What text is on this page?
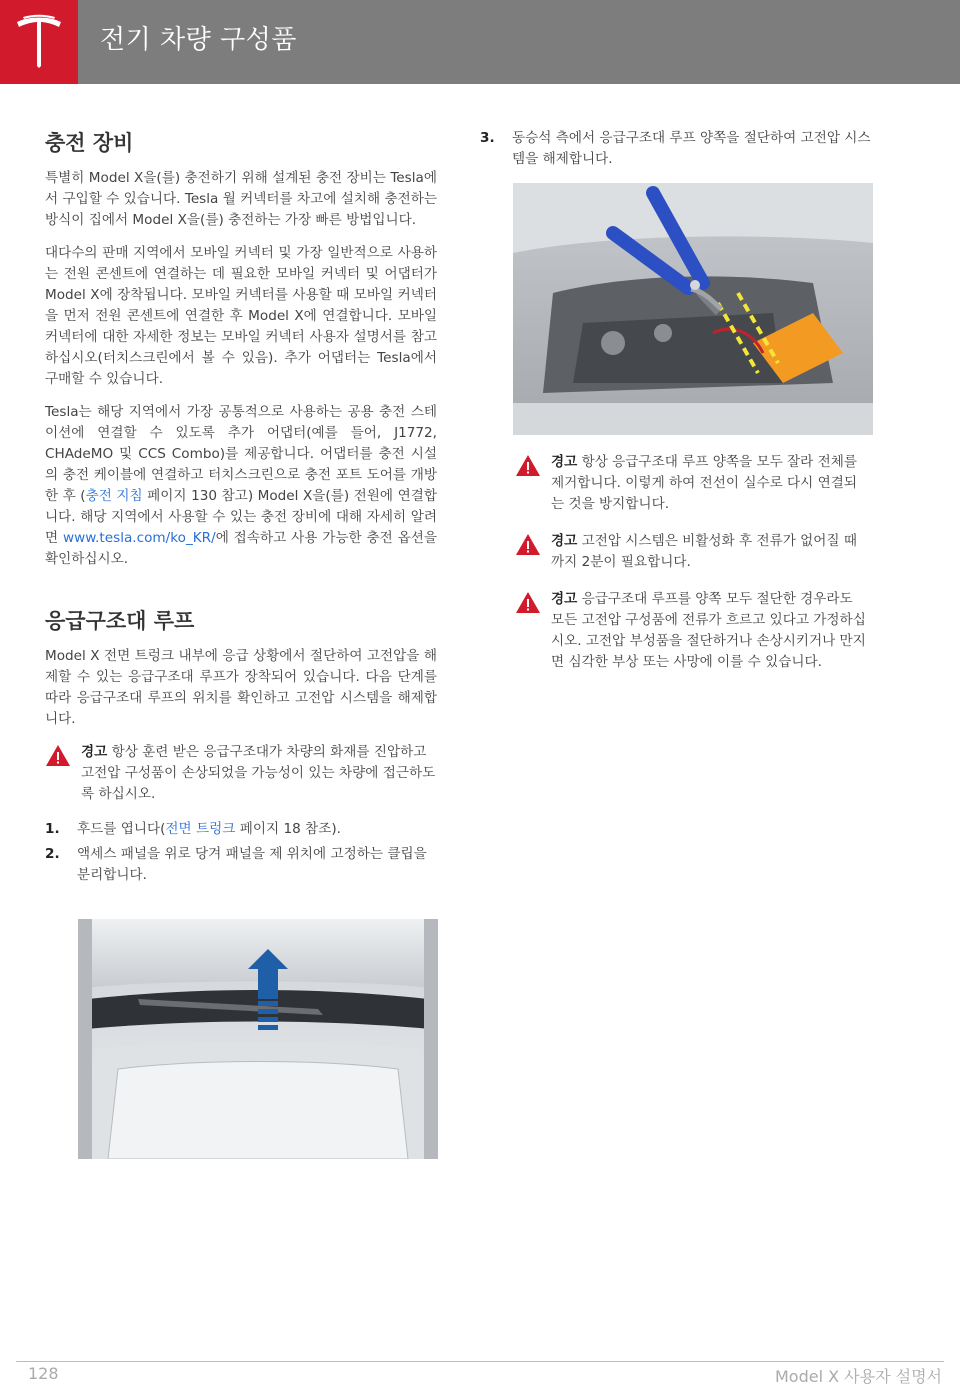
전기 차량 구성품
충전 장비

특별히 Model X을(를) 충전하기 위해 설계된 충전 장비는 Tesla에서 구입할 수 있습니다. Tesla 월 커넥터를 차고에 설치해 충전하는 방식이 집에서 Model X을(를) 충전하는 가장 빠른 방법입니다.

대다수의 판매 지역에서 모바일 커넥터 및 가장 일반적으로 사용하는 전원 콘센트에 연결하는 데 필요한 모바일 커넥터 및 어댑터가 Model X에 장착됩니다. 모바일 커넥터를 사용할 때 모바일 커넥터을 먼저 전원 콘센트에 연결한 후 Model X에 연결합니다. 모바일 커넥터에 대한 자세한 정보는 모바일 커넥터 사용자 설명서를 참고하십시오(터치스크린에서 볼 수 있음). 추가 어댑터는 Tesla에서 구매할 수 있습니다.

Tesla는 해당 지역에서 가장 공통적으로 사용하는 공용 충전 스테이션에 연결할 수 있도록 추가 어댑터(예를 들어, J1772, CHAdeMO 및 CCS Combo)를 제공합니다. 어댑터를 충전 시설의 충전 케이블에 연결하고 터치스크린으로 충전 포트 도어를 개방한 후 (충전 지침 페이지 130 참고) Model X을(를) 전원에 연결합니다. 해당 지역에서 사용할 수 있는 충전 장비에 대해 자세히 알려면 www.tesla.com/ko_KR/에 접속하고 사용 가능한 충전 옵션을 확인하십시오.

응급구조대 루프

Model X 전면 트렁크 내부에 응급 상황에서 절단하여 고전압을 해제할 수 있는 응급구조대 루프가 장착되어 있습니다. 다음 단계를 따라 응급구조대 루프의 위치를 확인하고 고전압 시스템을 해제합니다.

경고 항상 훈련 받은 응급구조대가 차량의 화재를 진압하고 고전압 구성품이 손상되었을 가능성이 있는 차량에 접근하도록 하십시오.
1.	후드를 엽니다(전면 트렁크 페이지 18 참조).
2.	액세스 패널을 위로 당겨 패널을 제 위치에 고정하는 클립을 분리합니다.
3.	동승석 측에서 응급구조대 루프 양쪽을 절단하여 고전압 시스템을 해제합니다.
경고 항상 응급구조대 루프 양쪽을 모두 잘라 전체를 제거합니다. 이렇게 하여 전선이 실수로 다시 연결되는 것을 방지합니다.
경고 고전압 시스템은 비활성화 후 전류가 없어질 때까지 2분이 필요합니다.
경고 응급구조대 루프를 양쪽 모두 절단한 경우라도 모든 고전압 구성품에 전류가 흐르고 있다고 가정하십시오. 고전압 부성품을 절단하거나 손상시키거나 만지면 심각한 부상 또는 사망에 이를 수 있습니다.
128	Model X 사용자 설명서
